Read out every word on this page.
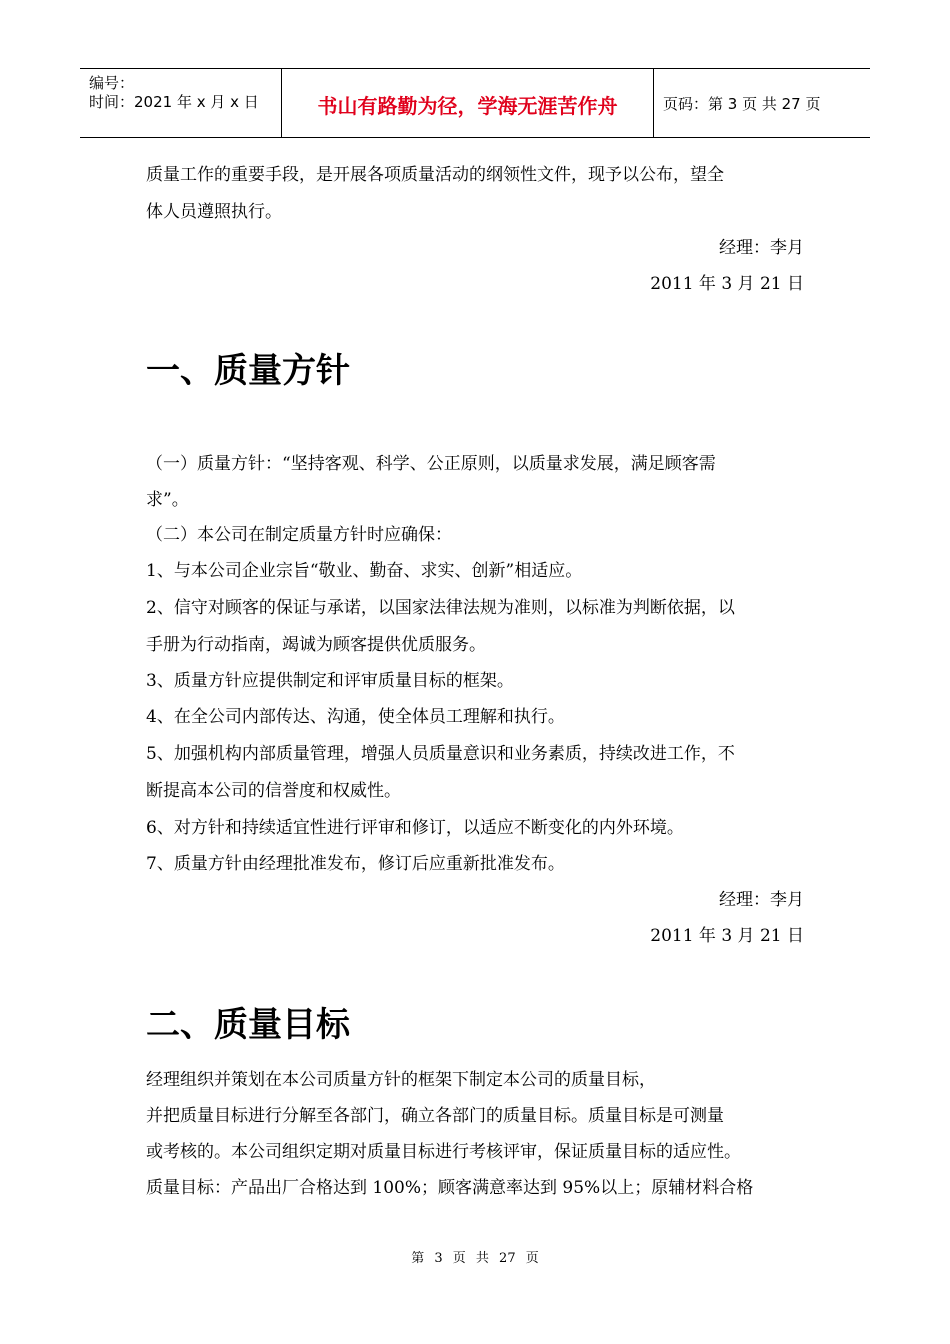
编号：
时间：2021 年 x 月 x 日	书山有路勤为径，学海无涯苦作舟	页码：第 3 页 共 27 页
质量工作的重要手段，是开展各项质量活动的纲领性文件，现予以公布，望全
体人员遵照执行。
经理：李月
2011 年 3 月 21 日
一、质量方针
（一）质量方针：“坚持客观、科学、公正原则，以质量求发展，满足顾客需
求”。
（二）本公司在制定质量方针时应确保：
1、与本公司企业宗旨“敬业、勤奋、求实、创新”相适应。
2、信守对顾客的保证与承诺，以国家法律法规为准则，以标准为判断依据，以
手册为行动指南，竭诚为顾客提供优质服务。
3、质量方针应提供制定和评审质量目标的框架。
4、在全公司内部传达、沟通，使全体员工理解和执行。
5、加强机构内部质量管理，增强人员质量意识和业务素质，持续改进工作，不
断提高本公司的信誉度和权威性。
6、对方针和持续适宜性进行评审和修订，以适应不断变化的内外环境。
7、质量方针由经理批准发布，修订后应重新批准发布。
经理：李月
2011 年 3 月 21 日
二、质量目标
经理组织并策划在本公司质量方针的框架下制定本公司的质量目标，
并把质量目标进行分解至各部门，确立各部门的质量目标。质量目标是可测量
或考核的。本公司组织定期对质量目标进行考核评审，保证质量目标的适应性。
质量目标：产品出厂合格达到 100%；顾客满意率达到 95%以上；原辅材料合格
第 3 页 共 27 页
